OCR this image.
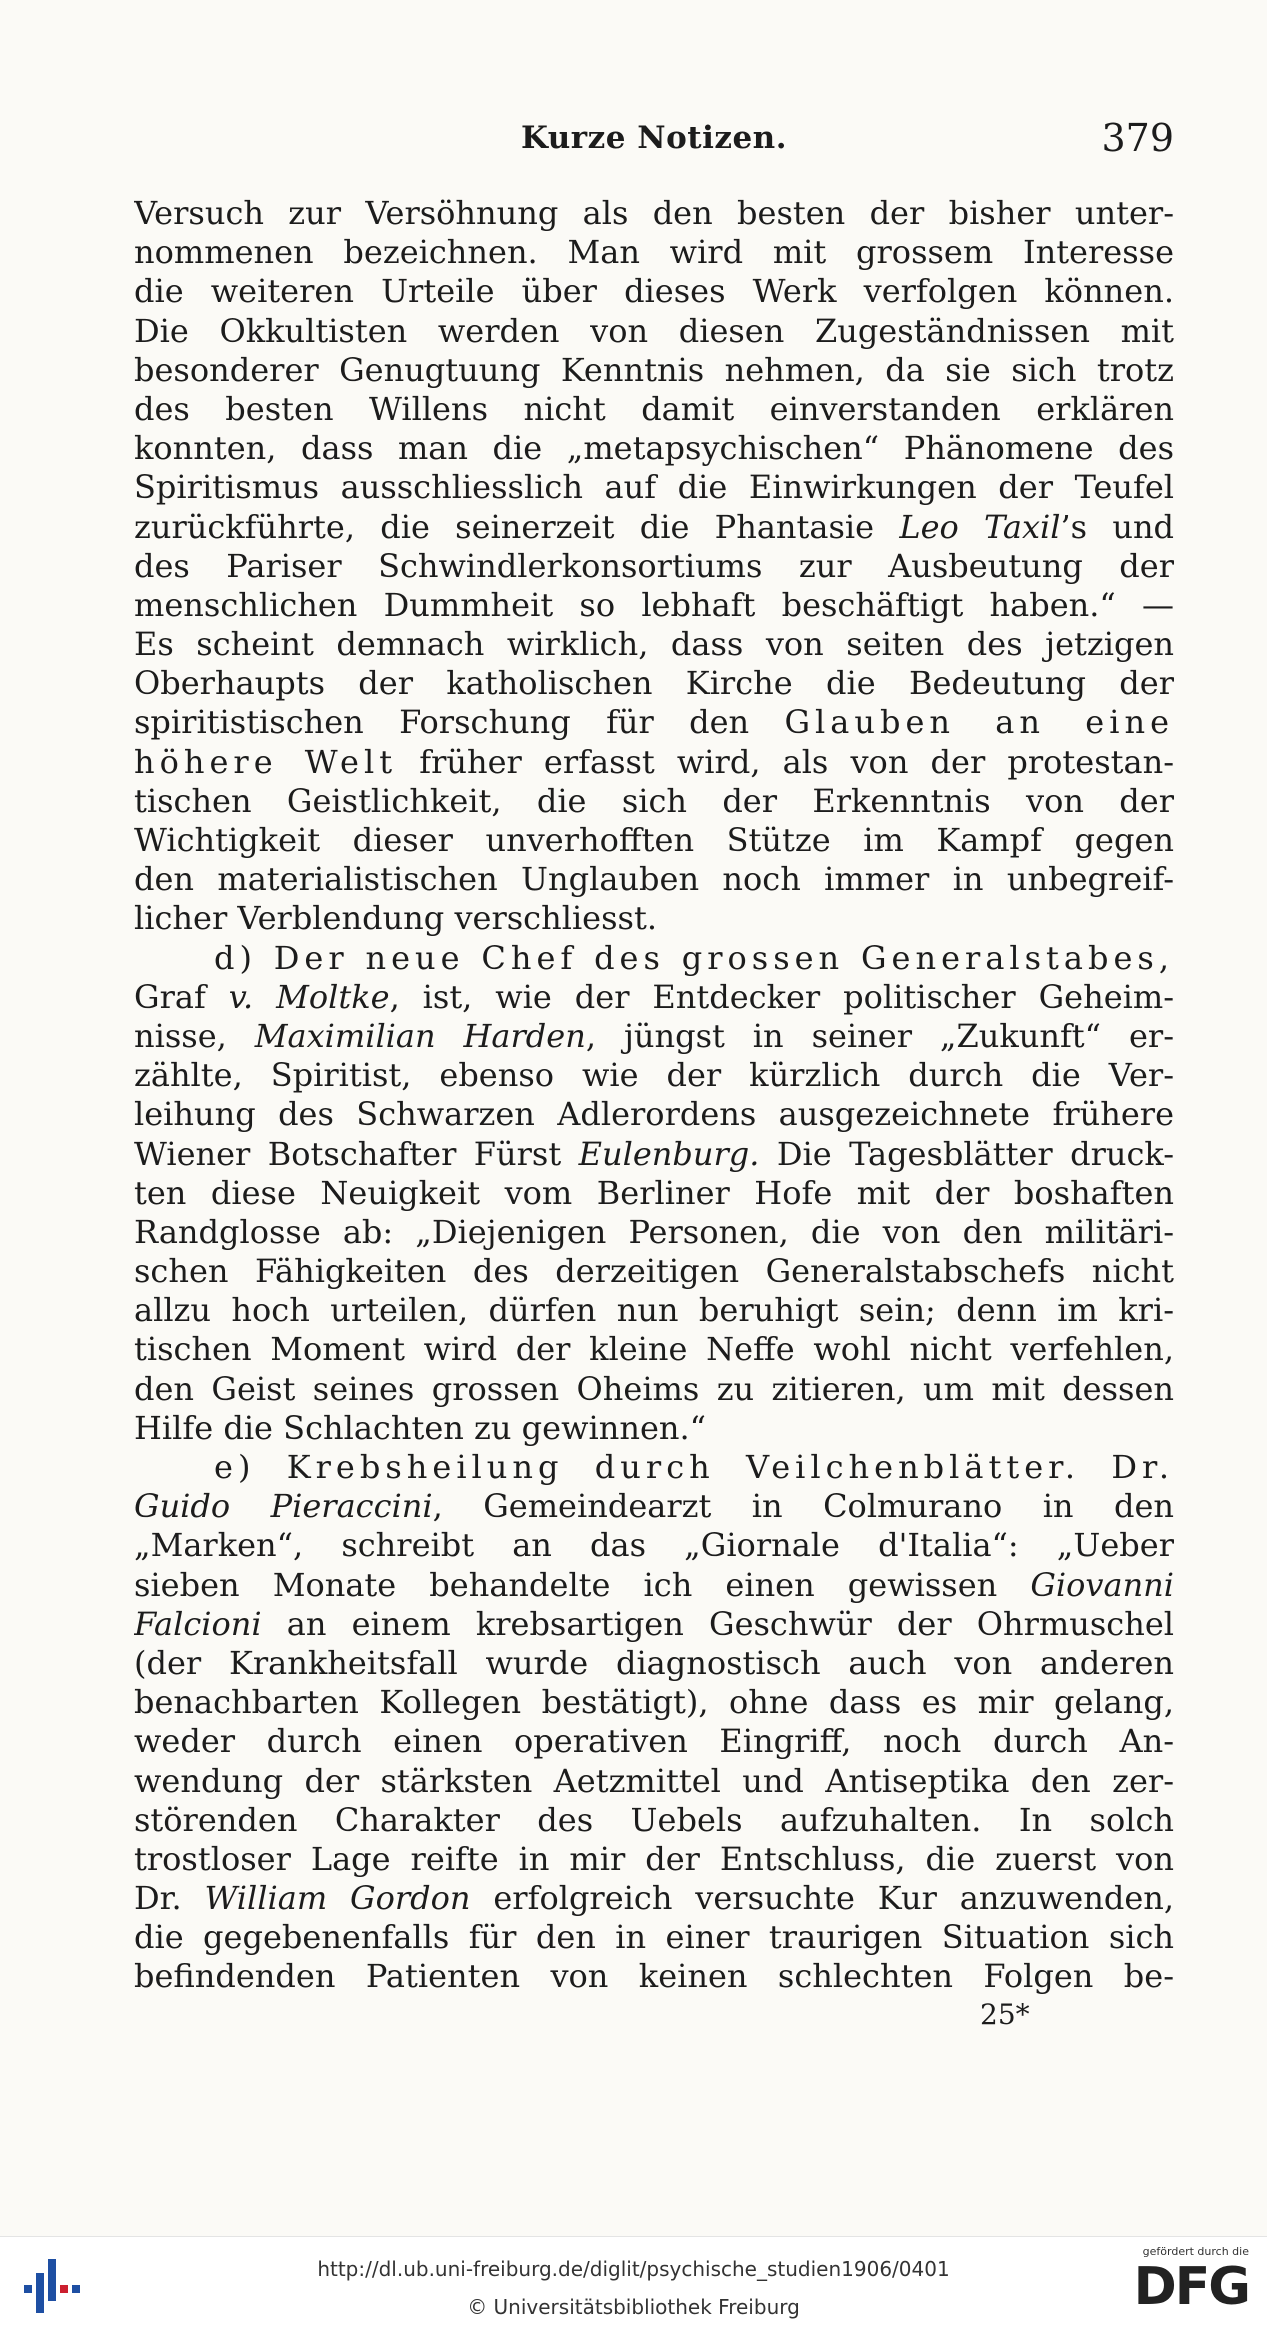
Kurze Notizen.	379
Versuch zur Versöhnung als den besten der bisher unter-
nommenen bezeichnen. Man wird mit grossem Interesse
die weiteren Urteile über dieses Werk verfolgen können.
Die Okkultisten werden von diesen Zugeständnissen mit
besonderer Genugtuung Kenntnis nehmen, da sie sich trotz
des besten Willens nicht damit einverstanden erklären
konnten, dass man die „metapsychischen“ Phänomene des
Spiritismus ausschliesslich auf die Einwirkungen der Teufel
zurückführte, die seinerzeit die Phantasie Leo Taxil’s und
des Pariser Schwindlerkonsortiums zur Ausbeutung der
menschlichen Dummheit so lebhaft beschäftigt haben.“ —
Es scheint demnach wirklich, dass von seiten des jetzigen
Oberhaupts der katholischen Kirche die Bedeutung der
spiritistischen Forschung für den Glauben an eine
höhere Welt früher erfasst wird, als von der protestan-
tischen Geistlichkeit, die sich der Erkenntnis von der
Wichtigkeit dieser unverhofften Stütze im Kampf gegen
den materialistischen Unglauben noch immer in unbegreif-
licher Verblendung verschliesst.
d) Der neue Chef des grossen Generalstabes,
Graf v. Moltke, ist, wie der Entdecker politischer Geheim-
nisse, Maximilian Harden, jüngst in seiner „Zukunft“ er-
zählte, Spiritist, ebenso wie der kürzlich durch die Ver-
leihung des Schwarzen Adlerordens ausgezeichnete frühere
Wiener Botschafter Fürst Eulenburg. Die Tagesblätter druck-
ten diese Neuigkeit vom Berliner Hofe mit der boshaften
Randglosse ab: „Diejenigen Personen, die von den militäri-
schen Fähigkeiten des derzeitigen Generalstabschefs nicht
allzu hoch urteilen, dürfen nun beruhigt sein; denn im kri-
tischen Moment wird der kleine Neffe wohl nicht verfehlen,
den Geist seines grossen Oheims zu zitieren, um mit dessen
Hilfe die Schlachten zu gewinnen.“
e) Krebsheilung durch Veilchenblätter. Dr.
Guido Pieraccini, Gemeindearzt in Colmurano in den
„Marken“, schreibt an das „Giornale d'Italia“: „Ueber
sieben Monate behandelte ich einen gewissen Giovanni
Falcioni an einem krebsartigen Geschwür der Ohrmuschel
(der Krankheitsfall wurde diagnostisch auch von anderen
benachbarten Kollegen bestätigt), ohne dass es mir gelang,
weder durch einen operativen Eingriff, noch durch An-
wendung der stärksten Aetzmittel und Antiseptika den zer-
störenden Charakter des Uebels aufzuhalten. In solch
trostloser Lage reifte in mir der Entschluss, die zuerst von
Dr. William Gordon erfolgreich versuchte Kur anzuwenden,
die gegebenenfalls für den in einer traurigen Situation sich
befindenden Patienten von keinen schlechten Folgen be-
25*
http://dl.ub.uni-freiburg.de/diglit/psychische_studien1906/0401
© Universitätsbibliothek Freiburg
gefördert durch die
DFG
